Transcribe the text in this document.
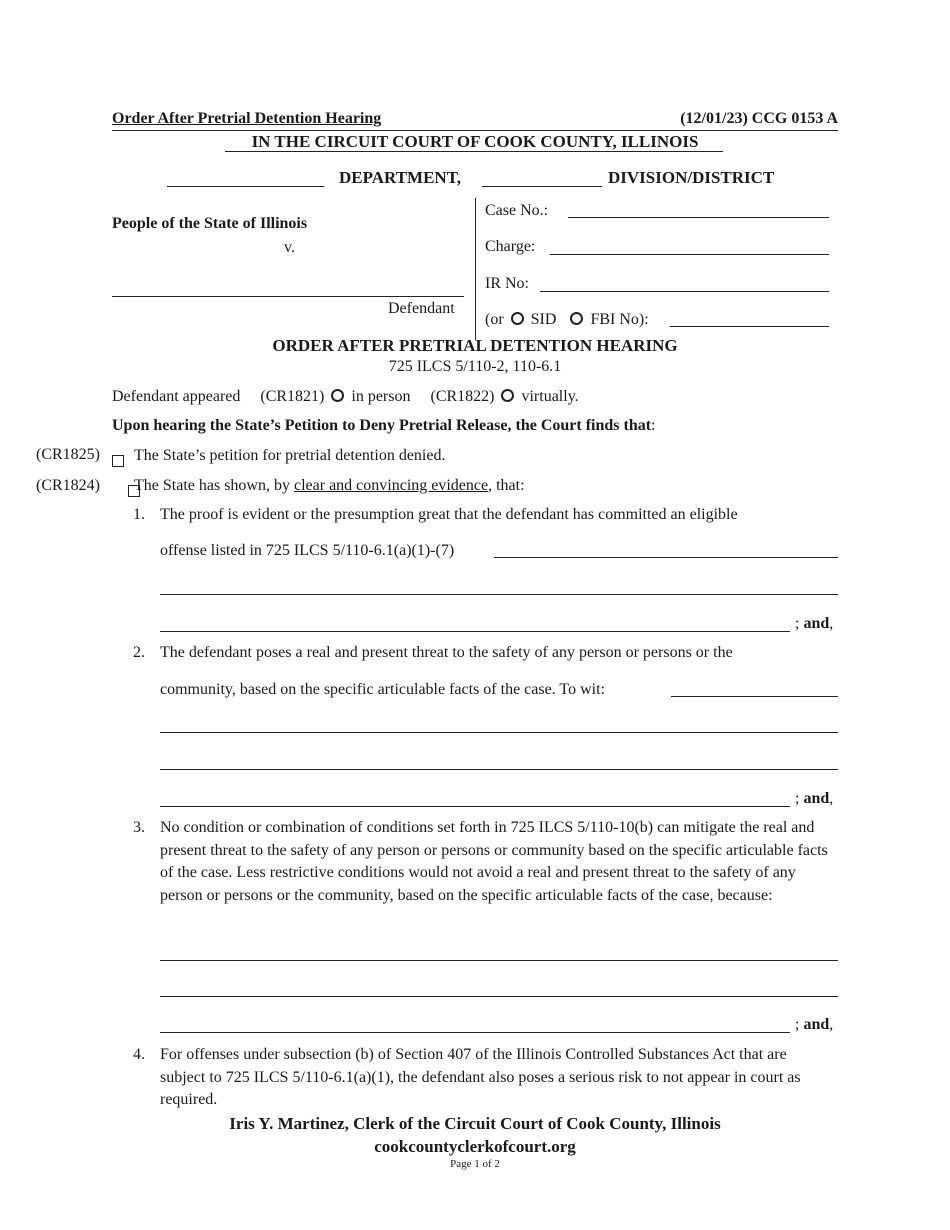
Order After Pretrial Detention Hearing	(12/01/23) CCG 0153 A
IN THE CIRCUIT COURT OF COOK COUNTY, ILLINOIS
DEPARTMENT,	DIVISION/DISTRICT
People of the State of Illinois
v.
Defendant
Case No.:
Charge:
IR No:
(or SID FBI No):
ORDER AFTER PRETRIAL DETENTION HEARING
725 ILCS 5/110-2, 110-6.1
Defendant appeared (CR1821) in person (CR1822) virtually.
Upon hearing the State’s Petition to Deny Pretrial Release, the Court finds that:
(CR1825)
The State’s petition for pretrial detention denied.
(CR1824) The State has shown, by clear and convincing evidence, that:
1. The proof is evident or the presumption great that the defendant has committed an eligible
offense listed in 725 ILCS 5/110-6.1(a)(1)-(7)
; and,
2. The defendant poses a real and present threat to the safety of any person or persons or the
community, based on the specific articulable facts of the case. To wit:
; and,
3. No condition or combination of conditions set forth in 725 ILCS 5/110-10(b) can mitigate the real and present threat to the safety of any person or persons or community based on the specific articulable facts of the case. Less restrictive conditions would not avoid a real and present threat to the safety of any person or persons or the community, based on the specific articulable facts of the case, because:
; and,
4. For offenses under subsection (b) of Section 407 of the Illinois Controlled Substances Act that are subject to 725 ILCS 5/110-6.1(a)(1), the defendant also poses a serious risk to not appear in court as required.
Iris Y. Martinez, Clerk of the Circuit Court of Cook County, Illinois
cookcountyclerkofcourt.org
Page 1 of 2
